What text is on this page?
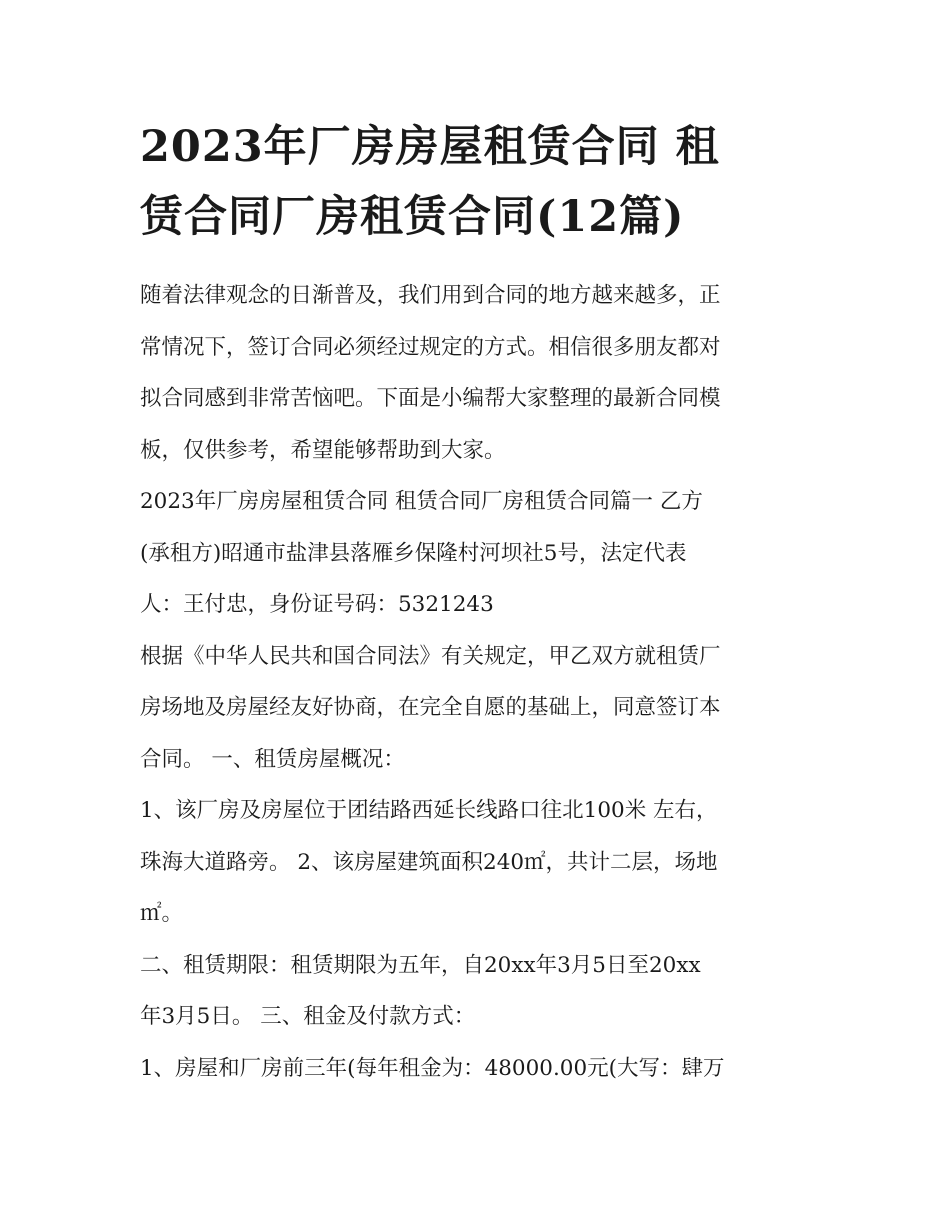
2023年厂房房屋租赁合同 租
赁合同厂房租赁合同(12篇)

随着法律观念的日渐普及，我们用到合同的地方越来越多，正
常情况下，签订合同必须经过规定的方式。相信很多朋友都对
拟合同感到非常苦恼吧。下面是小编帮大家整理的最新合同模
板，仅供参考，希望能够帮助到大家。

2023年厂房房屋租赁合同 租赁合同厂房租赁合同篇一 乙方
(承租方)昭通市盐津县落雁乡保隆村河坝社5号，法定代表
人：王付忠，身份证号码：5321243

根据《中华人民共和国合同法》有关规定，甲乙双方就租赁厂
房场地及房屋经友好协商，在完全自愿的基础上，同意签订本
合同。 一、租赁房屋概况：

1、该厂房及房屋位于团结路西延长线路口往北100米 左右，
珠海大道路旁。 2、该房屋建筑面积240㎡，共计二层，场地
㎡。

二、租赁期限：租赁期限为五年，自20xx年3月5日至20xx
年3月5日。 三、租金及付款方式：

1、房屋和厂房前三年(每年租金为：48000.00元(大写：肆万
